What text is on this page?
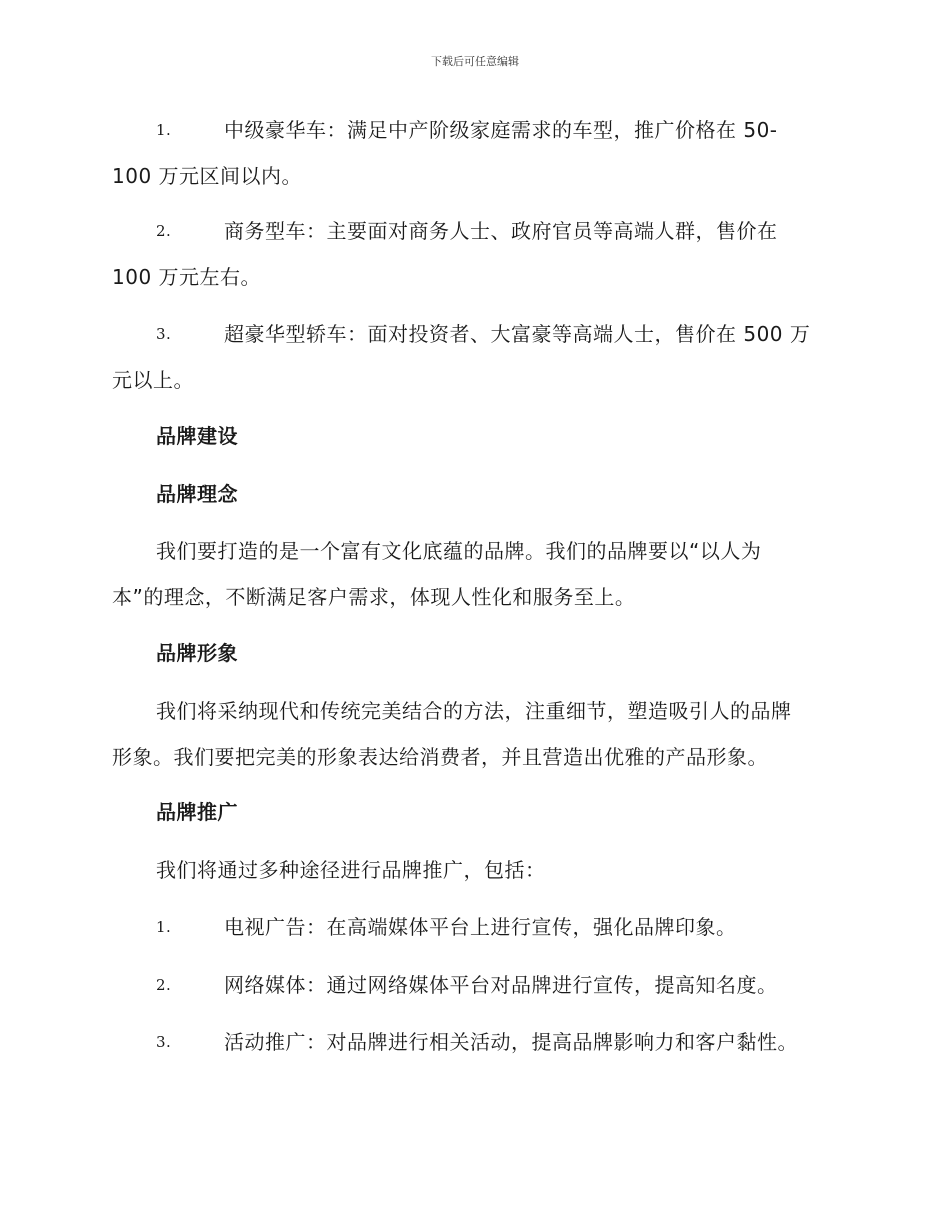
下载后可任意编辑
1.	中级豪华车：满足中产阶级家庭需求的车型，推广价格在 50-
100 万元区间以内。
2.	商务型车：主要面对商务人士、政府官员等高端人群，售价在
100 万元左右。
3.	超豪华型轿车：面对投资者、大富豪等高端人士，售价在 500 万
元以上。
品牌建设
品牌理念
我们要打造的是一个富有文化底蕴的品牌。我们的品牌要以“以人为
本”的理念，不断满足客户需求，体现人性化和服务至上。
品牌形象
我们将采纳现代和传统完美结合的方法，注重细节，塑造吸引人的品牌
形象。我们要把完美的形象表达给消费者，并且营造出优雅的产品形象。
品牌推广
我们将通过多种途径进行品牌推广，包括：
1.	电视广告：在高端媒体平台上进行宣传，强化品牌印象。
2.	网络媒体：通过网络媒体平台对品牌进行宣传，提高知名度。
3.	活动推广：对品牌进行相关活动，提高品牌影响力和客户黏性。
